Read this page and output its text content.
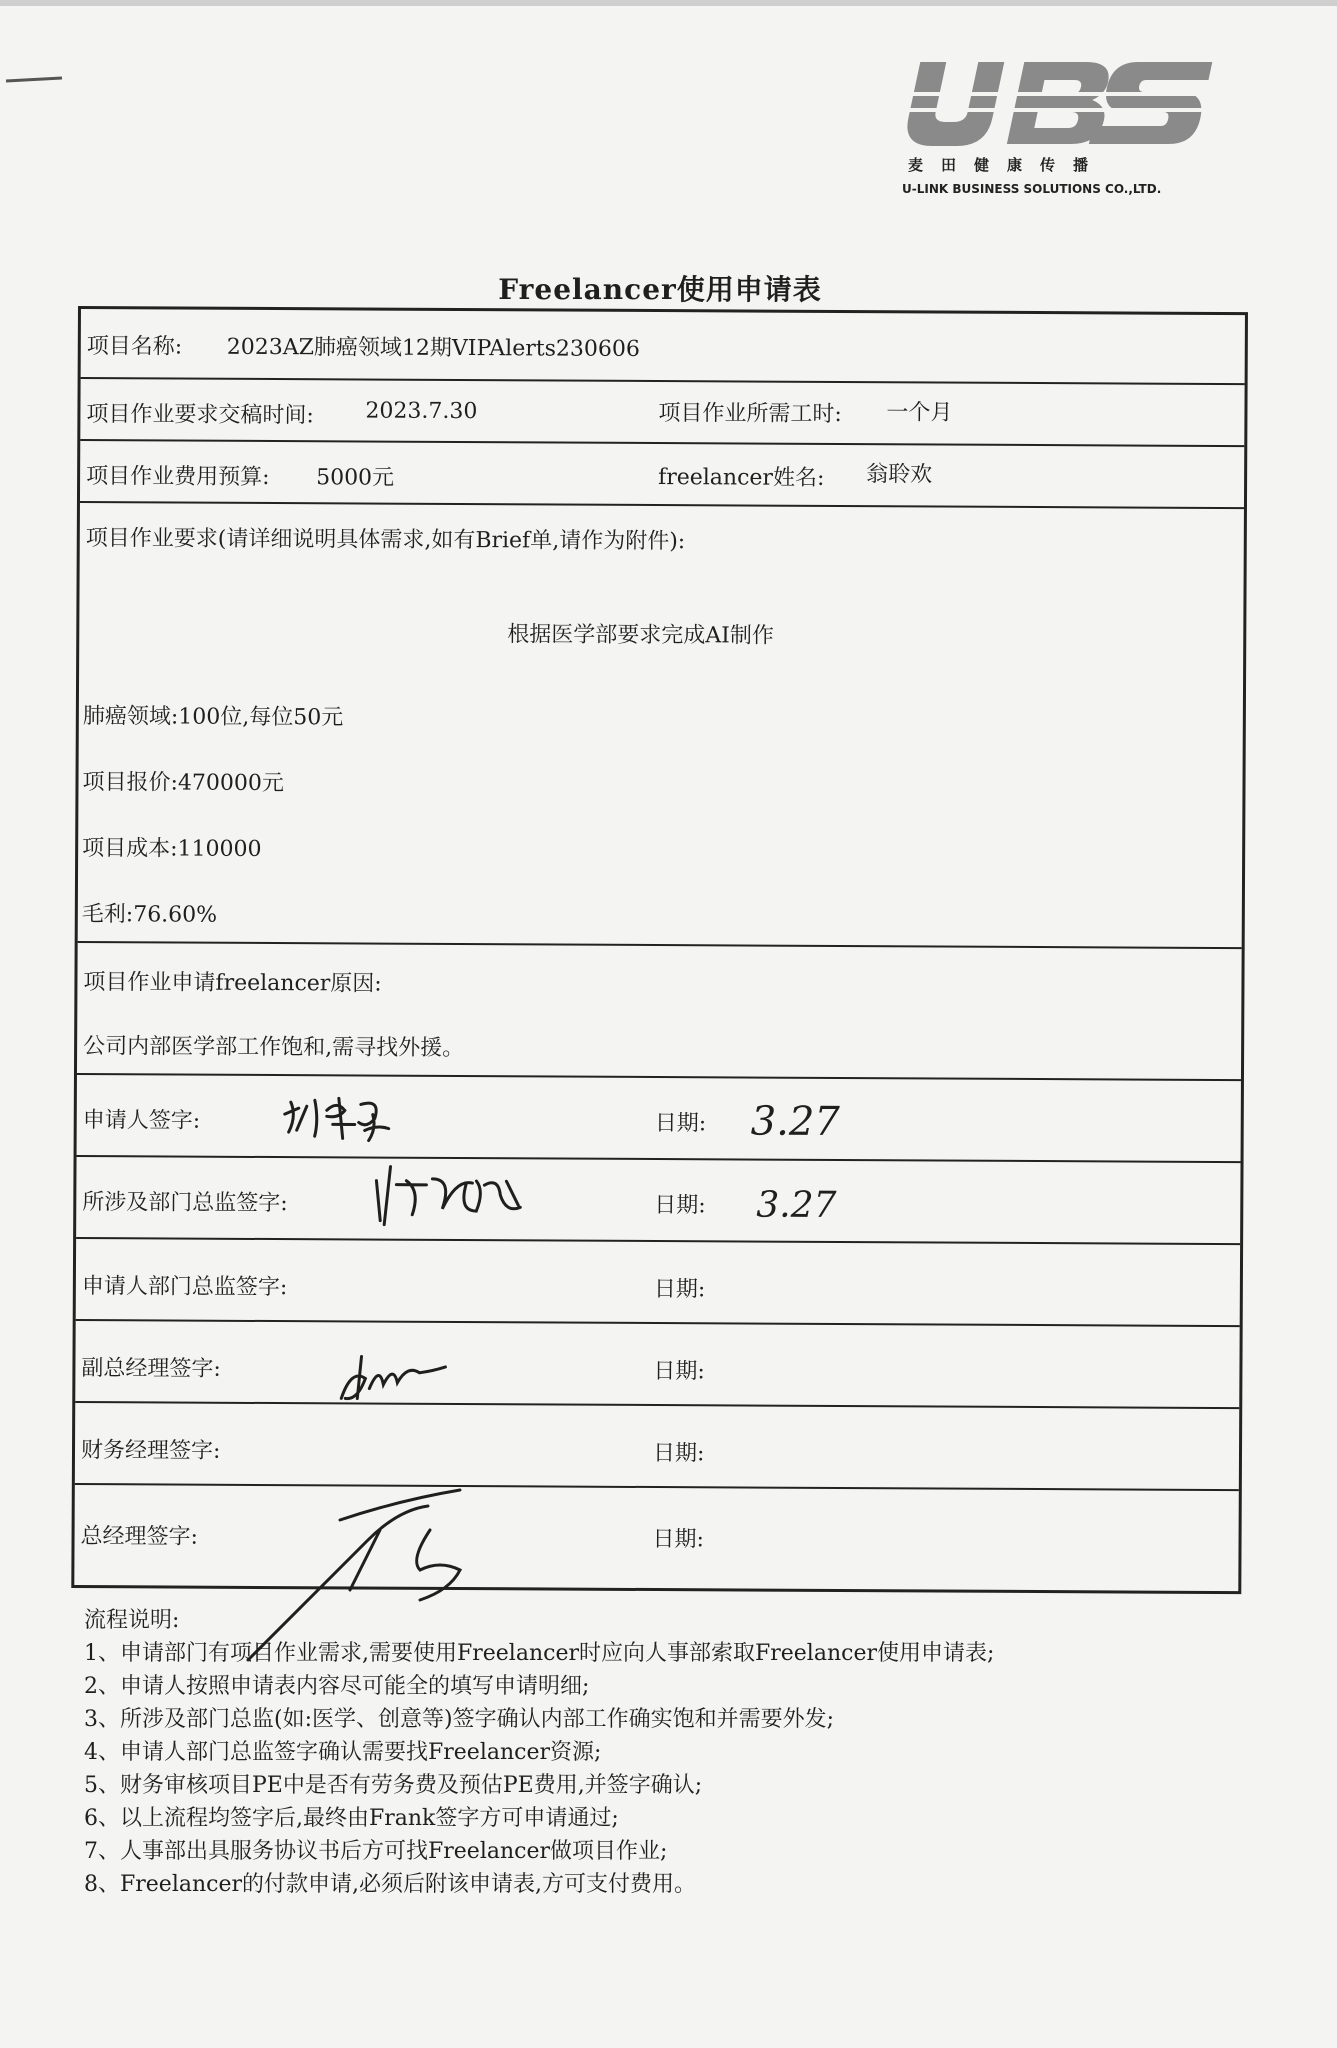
麦田健康传播
U-LINK BUSINESS SOLUTIONS CO.,LTD.
Freelancer使用申请表
项目名称: 2023AZ肺癌领域12期VIPAlerts230606
项目作业要求交稿时间: 2023.7.30	项目作业所需工时: 一个月
项目作业费用预算: 5000元	freelancer姓名: 翁聆欢
项目作业要求(请详细说明具体需求,如有Brief单,请作为附件):
根据医学部要求完成AI制作
肺癌领域:100位,每位50元
项目报价:470000元
项目成本:110000
毛利:76.60%
项目作业申请freelancer原因:
公司内部医学部工作饱和,需寻找外援。
申请人签字:	日期: 3.27
所涉及部门总监签字:	日期: 3.27
申请人部门总监签字:	日期:
副总经理签字:	日期:
财务经理签字:	日期:
总经理签字:	日期:
流程说明:
1、申请部门有项目作业需求,需要使用Freelancer时应向人事部索取Freelancer使用申请表;
2、申请人按照申请表内容尽可能全的填写申请明细;
3、所涉及部门总监(如:医学、创意等)签字确认内部工作确实饱和并需要外发;
4、申请人部门总监签字确认需要找Freelancer资源;
5、财务审核项目PE中是否有劳务费及预估PE费用,并签字确认;
6、以上流程均签字后,最终由Frank签字方可申请通过;
7、人事部出具服务协议书后方可找Freelancer做项目作业;
8、Freelancer的付款申请,必须后附该申请表,方可支付费用。
